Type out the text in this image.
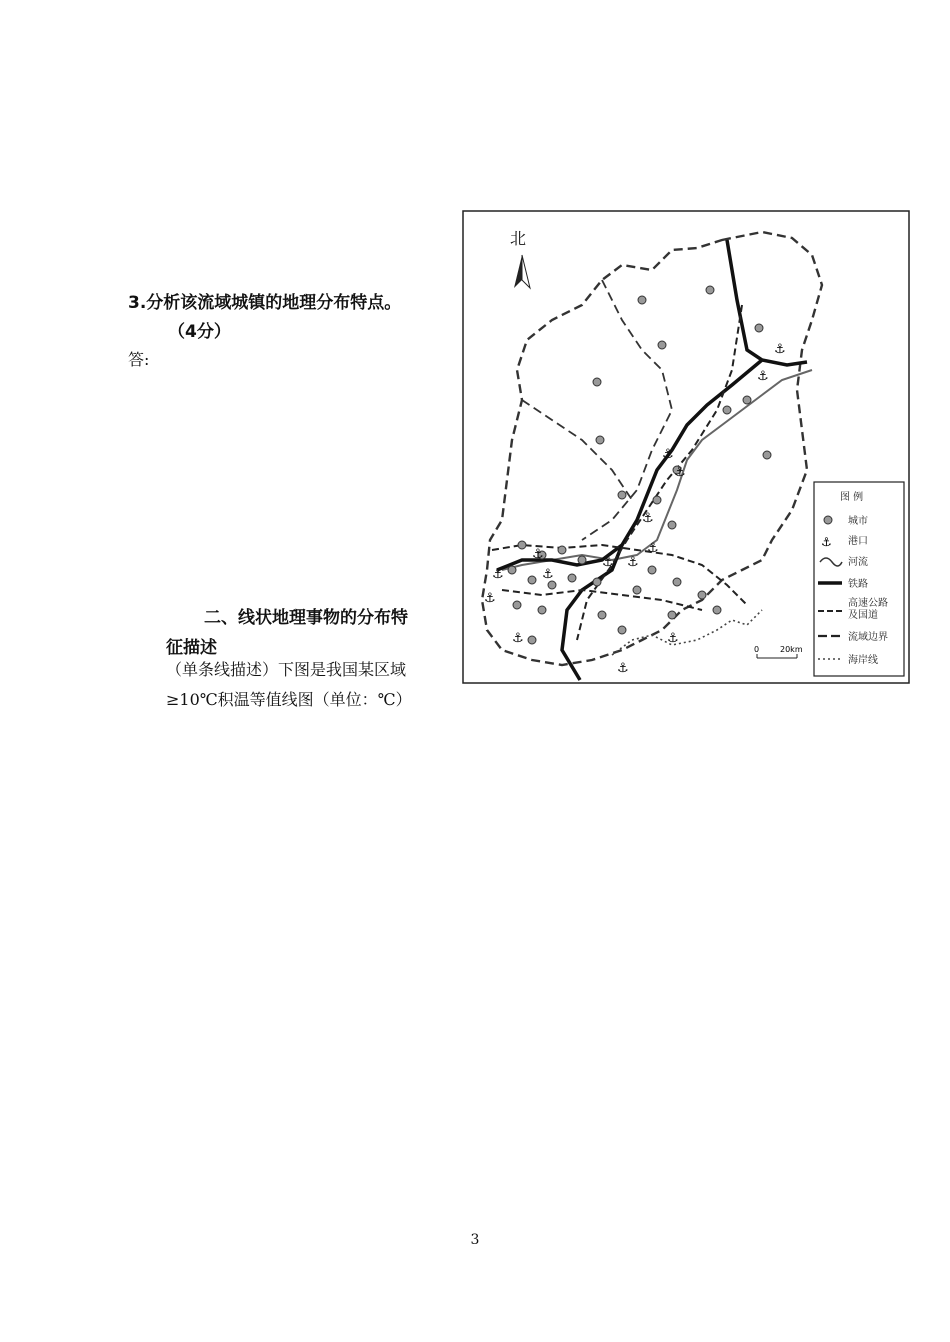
3.分析该流域城镇的地理分布特点。
（4分）
答:
二、线状地理事物的分布特
征描述
（单条线描述）下图是我国某区域≥10℃积温等值线图（单位：℃）
北
⚓
⚓
⚓
⚓
⚓
⚓
⚓
⚓
⚓
⚓	⚓
⚓
⚓	⚓
⚓
图 例
城市
⚓ 港口
河流
铁路
高速公路
及国道
流域边界
海岸线
0	20km
3
